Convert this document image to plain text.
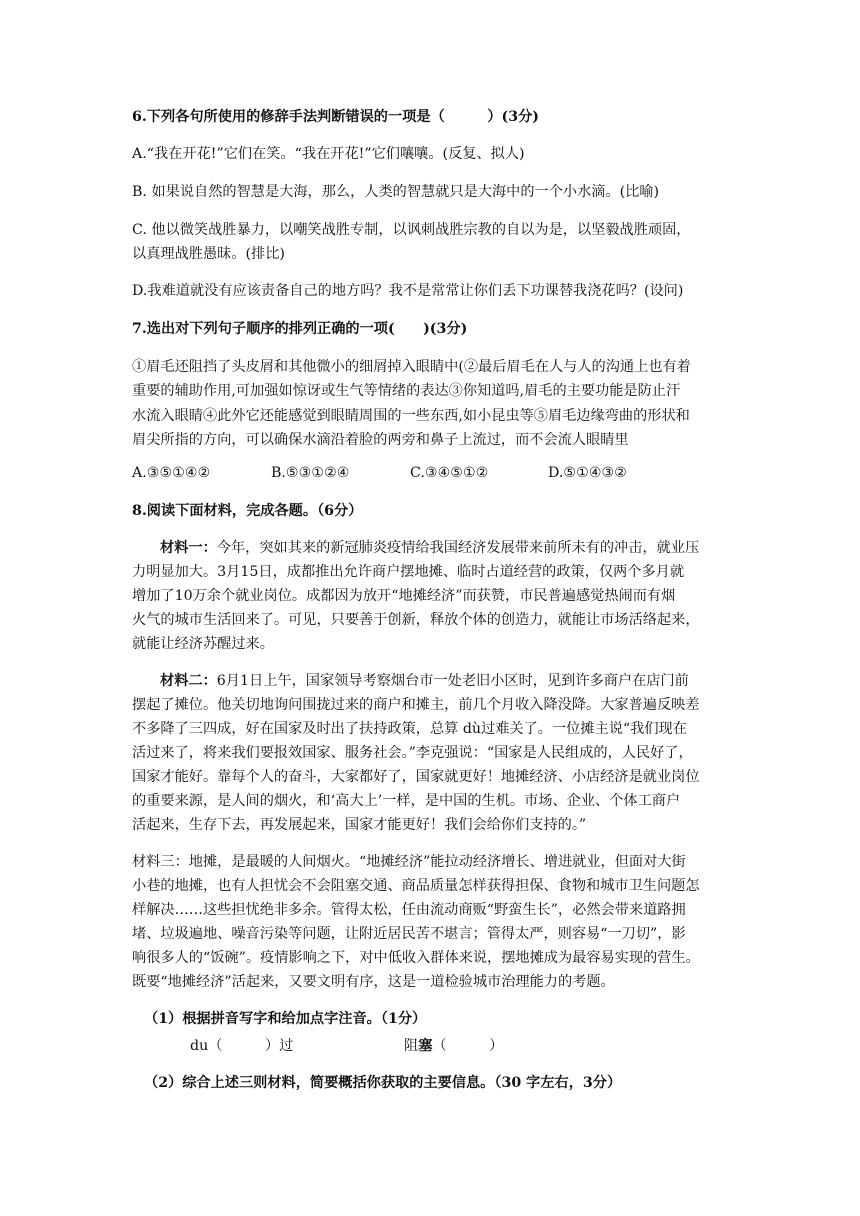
6.下列各句所使用的修辞手法判断错误的一项是（　　　）(3分)
A.“我在开花!”它们在笑。“我在开花!”它们嚷嚷。(反复、拟人)
B. 如果说自然的智慧是大海，那么，人类的智慧就只是大海中的一个小水滴。(比喻)
C. 他以微笑战胜暴力，以嘲笑战胜专制，以讽刺战胜宗教的自以为是，以坚毅战胜顽固，
以真理战胜愚昧。(排比)
D.我难道就没有应该责备自己的地方吗？我不是常常让你们丢下功课替我浇花吗？(设问)
7.选出对下列句子顺序的排列正确的一项(　　)(3分)
①眉毛还阻挡了头皮屑和其他微小的细屑掉入眼睛中(②最后眉毛在人与人的沟通上也有着
重要的辅助作用,可加强如惊讶或生气等情绪的表达③你知道吗,眉毛的主要功能是防止汗
水流入眼睛④此外它还能感觉到眼睛周围的一些东西,如小昆虫等⑤眉毛边缘弯曲的形状和
眉尖所指的方向，可以确保水滴沿着脸的两旁和鼻子上流过，而不会流人眼睛里
A.③⑤①④②	B.⑤③①②④	C.③④⑤①②	D.⑤①④③②
8.阅读下面材料，完成各题。（6分）
材料一：今年，突如其来的新冠肺炎疫情给我国经济发展带来前所未有的冲击，就业压
力明显加大。3月15日，成都推出允许商户摆地摊、临时占道经营的政策，仅两个多月就
增加了10万余个就业岗位。成都因为放开“地摊经济”而获赞，市民普遍感觉热闹而有烟
火气的城市生活回来了。可见，只要善于创新，释放个体的创造力，就能让市场活络起来，
就能让经济苏醒过来。
材料二：6月1日上午，国家领导考察烟台市一处老旧小区时，见到许多商户在店门前
摆起了摊位。他关切地询问围拢过来的商户和摊主，前几个月收入降没降。大家普遍反映差
不多降了三四成，好在国家及时出了扶持政策，总算 dù过难关了。一位摊主说“我们现在
活过来了，将来我们要报效国家、服务社会。”李克强说：“国家是人民组成的，人民好了，
国家才能好。靠每个人的奋斗，大家都好了，国家就更好！地摊经济、小店经济是就业岗位
的重要来源，是人间的烟火，和‘高大上’一样，是中国的生机。市场、企业、个体工商户
活起来，生存下去，再发展起来，国家才能更好！我们会给你们支持的。”
材料三：地摊，是最暖的人间烟火。“地摊经济”能拉动经济增长、增进就业，但面对大街
小巷的地摊，也有人担忧会不会阻塞交通、商品质量怎样获得担保、食物和城市卫生问题怎
样解决……这些担忧绝非多余。管得太松，任由流动商贩“野蛮生长”，必然会带来道路拥
堵、垃圾遍地、噪音污染等问题，让附近居民苦不堪言；管得太严，则容易“一刀切”，影
响很多人的“饭碗”。疫情影响之下，对中低收入群体来说，摆地摊成为最容易实现的营生。
既要“地摊经济”活起来，又要文明有序，这是一道检验城市治理能力的考题。
（1）根据拼音写字和给加点字注音。（1分）
du（　　　）过	阻塞（　　　）
（2）综合上述三则材料，简要概括你获取的主要信息。（30 字左右，3分）
